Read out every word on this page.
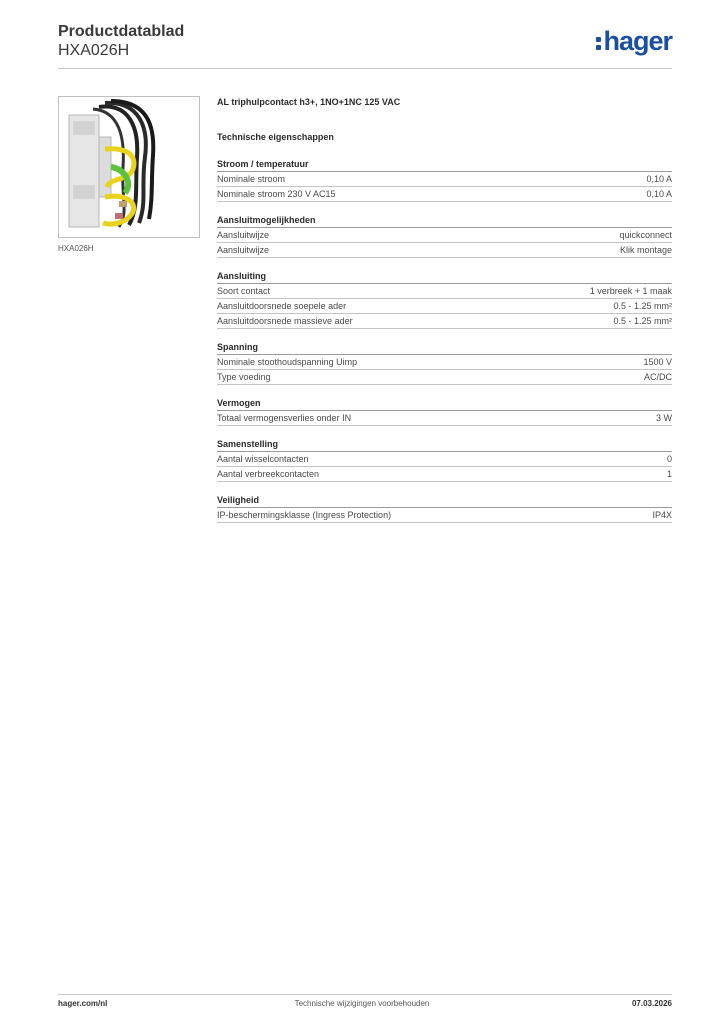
Productdatablad
HXA026H	hager
HXA026H
AL triphulpcontact h3+, 1NO+1NC 125 VAC
Technische eigenschappen
Stroom / temperatuur
Nominale stroom	0,10 A
Nominale stroom 230 V AC15	0,10 A
Aansluitmogelijkheden
Aansluitwijze	quickconnect
Aansluitwijze	Klik montage
Aansluiting
Soort contact	1 verbreek + 1 maak
Aansluitdoorsnede soepele ader	0.5 - 1.25 mm²
Aansluitdoorsnede massieve ader	0.5 - 1.25 mm²
Spanning
Nominale stoothoudspanning Uimp	1500 V
Type voeding	AC/DC
Vermogen
Totaal vermogensverlies onder IN	3 W
Samenstelling
Aantal wisselcontacten	0
Aantal verbreekcontacten	1
Veiligheid
IP-beschermingsklasse (Ingress Protection)	IP4X
hager.com/nl	Technische wijzigingen voorbehouden	07.03.2026
